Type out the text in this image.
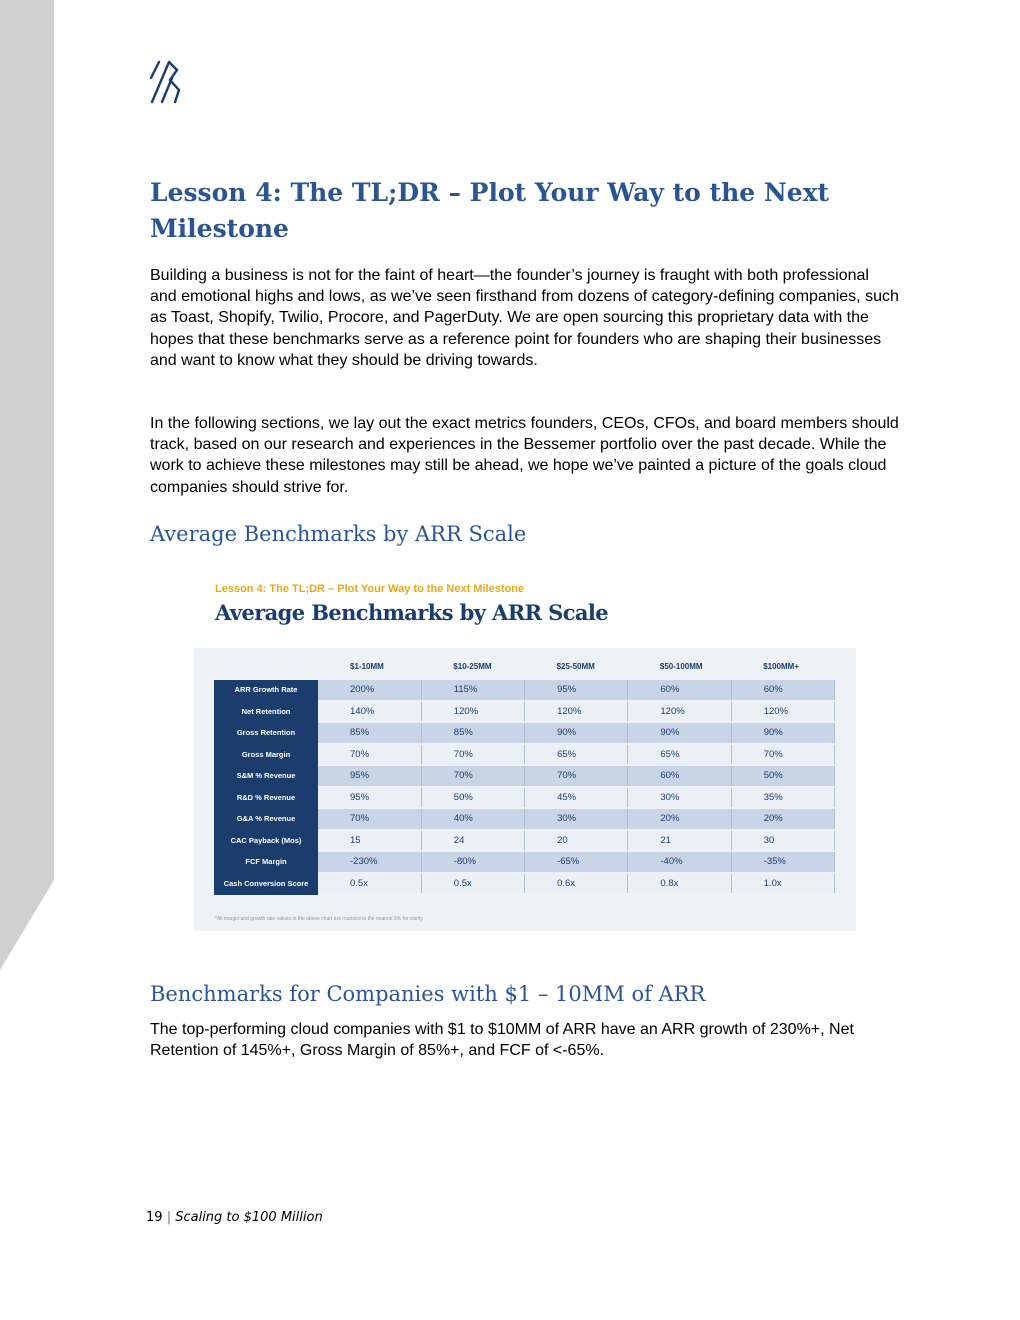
Lesson 4: The TL;DR – Plot Your Way to the Next Milestone

Building a business is not for the faint of heart—the founder’s journey is fraught with both professional and emotional highs and lows, as we’ve seen firsthand from dozens of category-defining companies, such as Toast, Shopify, Twilio, Procore, and PagerDuty. We are open sourcing this proprietary data with the hopes that these benchmarks serve as a reference point for founders who are shaping their businesses and want to know what they should be driving towards.

In the following sections, we lay out the exact metrics founders, CEOs, CFOs, and board members should track, based on our research and experiences in the Bessemer portfolio over the past decade. While the work to achieve these milestones may still be ahead, we hope we’ve painted a picture of the goals cloud companies should strive for.

Average Benchmarks by ARR Scale

Lesson 4: The TL;DR – Plot Your Way to the Next Milestone

Average Benchmarks by ARR Scale

	$1-10MM	$10-25MM	$25-50MM	$50-100MM	$100MM+
ARR Growth Rate	200%	115%	95%	60%	60%
Net Retention	140%	120%	120%	120%	120%
Gross Retention	85%	85%	90%	90%	90%
Gross Margin	70%	70%	65%	65%	70%
S&M % Revenue	95%	70%	70%	60%	50%
R&D % Revenue	95%	50%	45%	30%	35%
G&A % Revenue	70%	40%	30%	20%	20%
CAC Payback (Mos)	15	24	20	21	30
FCF Margin	-230%	-80%	-65%	-40%	-35%
Cash Conversion Score	0.5x	0.5x	0.6x	0.8x	1.0x

*All margin and growth rate values in the above chart are rounded to the nearest 5% for clarity

Benchmarks for Companies with $1 – 10MM of ARR

The top-performing cloud companies with $1 to $10MM of ARR have an ARR growth of 230%+, Net Retention of 145%+, Gross Margin of 85%+, and FCF of <-65%.

19 | Scaling to $100 Million
